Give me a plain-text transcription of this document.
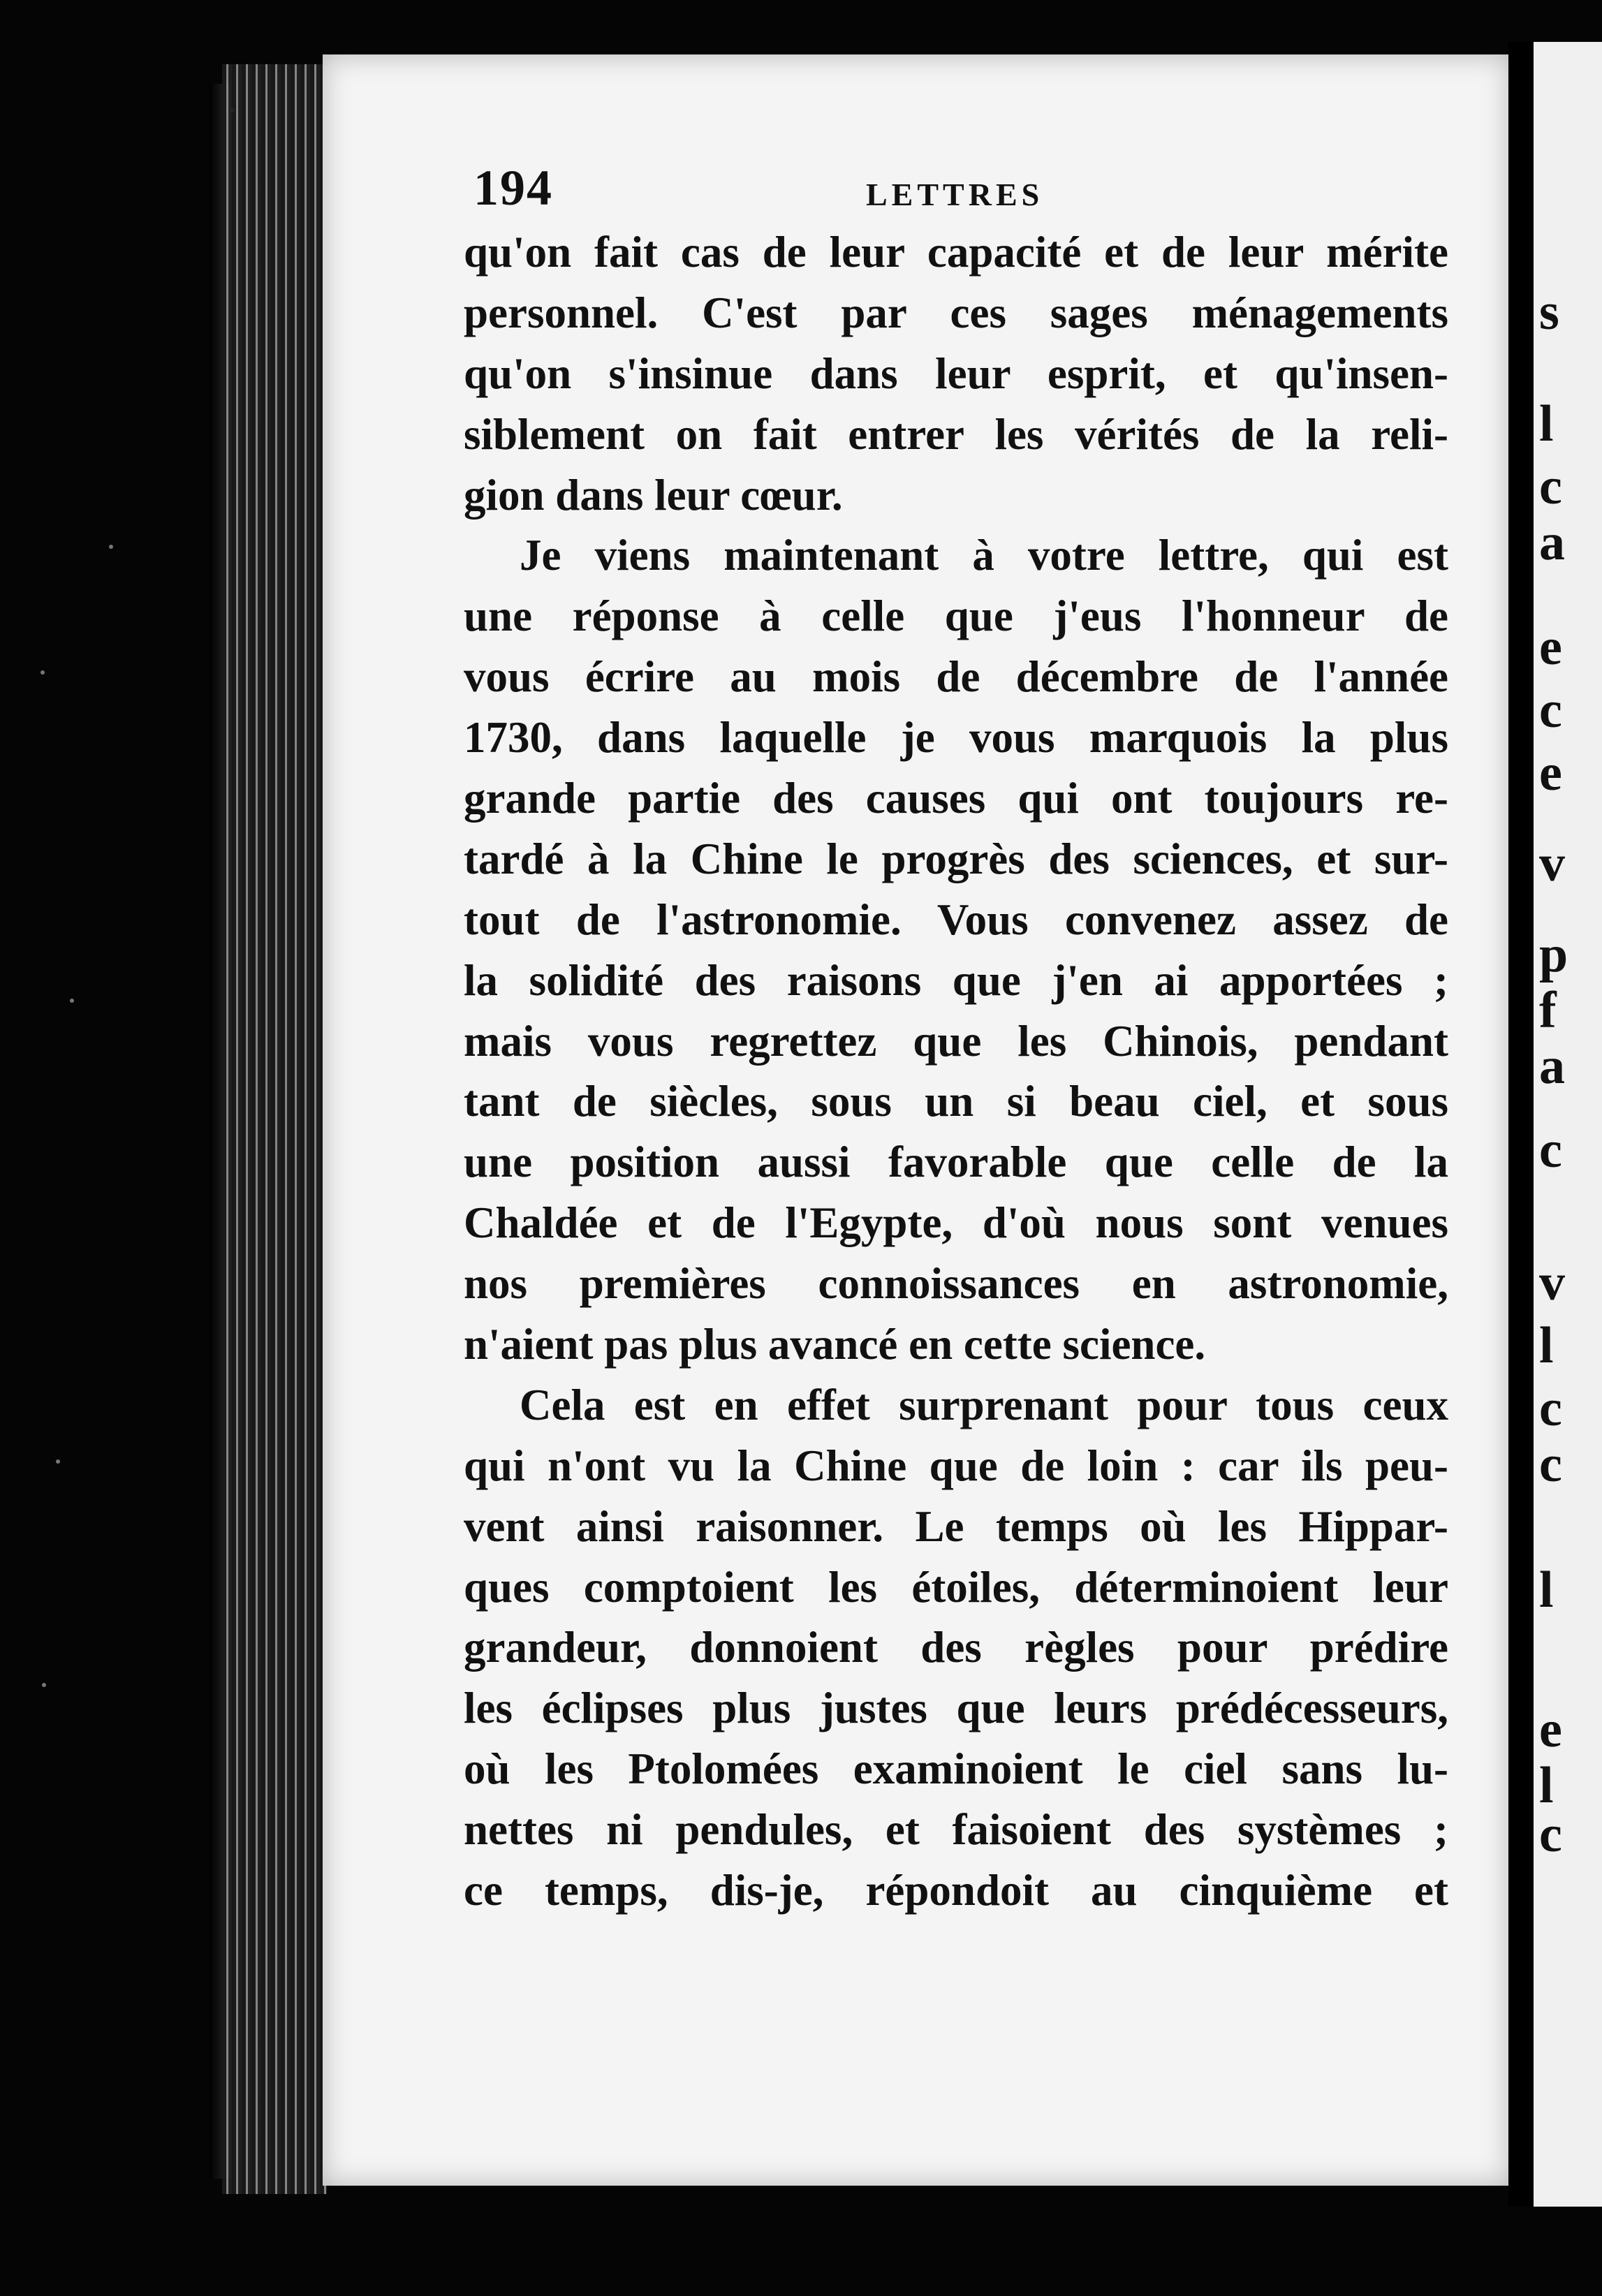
194	LETTRES
qu'on fait cas de leur capacité et de leur mérite
personnel. C'est par ces sages ménagements
qu'on s'insinue dans leur esprit, et qu'insen-
siblement on fait entrer les vérités de la reli-
gion dans leur cœur.
Je viens maintenant à votre lettre, qui est
une réponse à celle que j'eus l'honneur de
vous écrire au mois de décembre de l'année
1730, dans laquelle je vous marquois la plus
grande partie des causes qui ont toujours re-
tardé à la Chine le progrès des sciences, et sur-
tout de l'astronomie. Vous convenez assez de
la solidité des raisons que j'en ai apportées ;
mais vous regrettez que les Chinois, pendant
tant de siècles, sous un si beau ciel, et sous
une position aussi favorable que celle de la
Chaldée et de l'Egypte, d'où nous sont venues
nos premières connoissances en astronomie,
n'aient pas plus avancé en cette science.
Cela est en effet surprenant pour tous ceux
qui n'ont vu la Chine que de loin : car ils peu-
vent ainsi raisonner. Le temps où les Hippar-
ques comptoient les étoiles, déterminoient leur
grandeur, donnoient des règles pour prédire
les éclipses plus justes que leurs prédécesseurs,
où les Ptolomées examinoient le ciel sans lu-
nettes ni pendules, et faisoient des systèmes ;
ce temps, dis-je, répondoit au cinquième et
s
l
c
a
e
c
e
v
p
f
a
c
v
l
c
c
l
e
l
c
